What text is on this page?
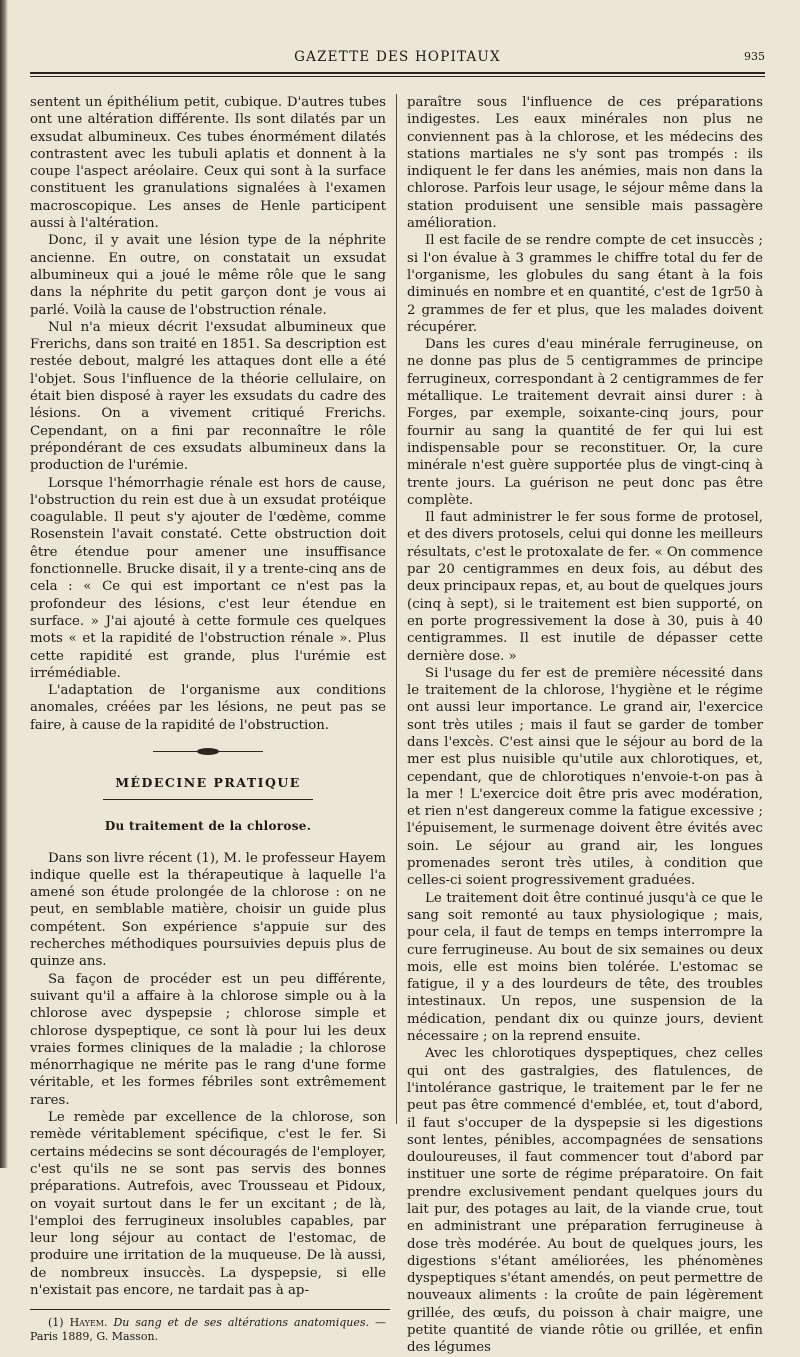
GAZETTE DES HOPITAUX	935

sentent un épithélium petit, cubique. D'autres tubes ont une altération différente. Ils sont dilatés par un exsudat albumineux. Ces tubes énormément dilatés contrastent avec les tubuli aplatis et donnent à la coupe l'aspect aréolaire. Ceux qui sont à la surface constituent les granulations signalées à l'examen macroscopique. Les anses de Henle participent aussi à l'altération.

Donc, il y avait une lésion type de la néphrite ancienne. En outre, on constatait un exsudat albumineux qui a joué le même rôle que le sang dans la néphrite du petit garçon dont je vous ai parlé. Voilà la cause de l'obstruction rénale.

Nul n'a mieux décrit l'exsudat albumineux que Frerichs, dans son traité en 1851. Sa description est restée debout, malgré les attaques dont elle a été l'objet. Sous l'influence de la théorie cellulaire, on était bien disposé à rayer les exsudats du cadre des lésions. On a vivement critiqué Frerichs. Cependant, on a fini par reconnaître le rôle prépondérant de ces exsudats albumineux dans la production de l'urémie.

Lorsque l'hémorrhagie rénale est hors de cause, l'obstruction du rein est due à un exsudat protéique coagulable. Il peut s'y ajouter de l'œdème, comme Rosenstein l'avait constaté. Cette obstruction doit être étendue pour amener une insuffisance fonctionnelle. Brucke disait, il y a trente-cinq ans de cela : « Ce qui est important ce n'est pas la profondeur des lésions, c'est leur étendue en surface. » J'ai ajouté à cette formule ces quelques mots « et la rapidité de l'obstruction rénale ». Plus cette rapidité est grande, plus l'urémie est irrémédiable.

L'adaptation de l'organisme aux conditions anomales, créées par les lésions, ne peut pas se faire, à cause de la rapidité de l'obstruction.

MÉDECINE PRATIQUE
Du traitement de la chlorose.

Dans son livre récent (1), M. le professeur Hayem indique quelle est la thérapeutique à laquelle l'a amené son étude prolongée de la chlorose : on ne peut, en semblable matière, choisir un guide plus compétent. Son expérience s'appuie sur des recherches méthodiques poursuivies depuis plus de quinze ans.

Sa façon de procéder est un peu différente, suivant qu'il a affaire à la chlorose simple ou à la chlorose avec dyspepsie ; chlorose simple et chlorose dyspeptique, ce sont là pour lui les deux vraies formes cliniques de la maladie ; la chlorose ménorrhagique ne mérite pas le rang d'une forme véritable, et les formes fébriles sont extrêmement rares.

Le remède par excellence de la chlorose, son remède véritablement spécifique, c'est le fer. Si certains médecins se sont découragés de l'employer, c'est qu'ils ne se sont pas servis des bonnes préparations. Autrefois, avec Trousseau et Pidoux, on voyait surtout dans le fer un excitant ; de là, l'emploi des ferrugineux insolubles capables, par leur long séjour au contact de l'estomac, de produire une irritation de la muqueuse. De là aussi, de nombreux insuccès. La dyspepsie, si elle n'existait pas encore, ne tardait pas à ap-

(1) Hayem. Du sang et de ses altérations anatomiques. — Paris 1889, G. Masson.

paraître sous l'influence de ces préparations indigestes. Les eaux minérales non plus ne conviennent pas à la chlorose, et les médecins des stations martiales ne s'y sont pas trompés : ils indiquent le fer dans les anémies, mais non dans la chlorose. Parfois leur usage, le séjour même dans la station produisent une sensible mais passagère amélioration.

Il est facile de se rendre compte de cet insuccès ; si l'on évalue à 3 grammes le chiffre total du fer de l'organisme, les globules du sang étant à la fois diminués en nombre et en quantité, c'est de 1gr50 à 2 grammes de fer et plus, que les malades doivent récupérer.

Dans les cures d'eau minérale ferrugineuse, on ne donne pas plus de 5 centigrammes de principe ferrugineux, correspondant à 2 centigrammes de fer métallique. Le traitement devrait ainsi durer : à Forges, par exemple, soixante-cinq jours, pour fournir au sang la quantité de fer qui lui est indispensable pour se reconstituer. Or, la cure minérale n'est guère supportée plus de vingt-cinq à trente jours. La guérison ne peut donc pas être complète.

Il faut administrer le fer sous forme de protosel, et des divers protosels, celui qui donne les meilleurs résultats, c'est le protoxalate de fer. « On commence par 20 centigrammes en deux fois, au début des deux principaux repas, et, au bout de quelques jours (cinq à sept), si le traitement est bien supporté, on en porte progressivement la dose à 30, puis à 40 centigrammes. Il est inutile de dépasser cette dernière dose. »

Si l'usage du fer est de première nécessité dans le traitement de la chlorose, l'hygiène et le régime ont aussi leur importance. Le grand air, l'exercice sont très utiles ; mais il faut se garder de tomber dans l'excès. C'est ainsi que le séjour au bord de la mer est plus nuisible qu'utile aux chlorotiques, et, cependant, que de chlorotiques n'envoie-t-on pas à la mer ! L'exercice doit être pris avec modération, et rien n'est dangereux comme la fatigue excessive ; l'épuisement, le surmenage doivent être évités avec soin. Le séjour au grand air, les longues promenades seront très utiles, à condition que celles-ci soient progressivement graduées.

Le traitement doit être continué jusqu'à ce que le sang soit remonté au taux physiologique ; mais, pour cela, il faut de temps en temps interrompre la cure ferrugineuse. Au bout de six semaines ou deux mois, elle est moins bien tolérée. L'estomac se fatigue, il y a des lourdeurs de tête, des troubles intestinaux. Un repos, une suspension de la médication, pendant dix ou quinze jours, devient nécessaire ; on la reprend ensuite.

Avec les chlorotiques dyspeptiques, chez celles qui ont des gastralgies, des flatulences, de l'intolérance gastrique, le traitement par le fer ne peut pas être commencé d'emblée, et, tout d'abord, il faut s'occuper de la dyspepsie si les digestions sont lentes, pénibles, accompagnées de sensations douloureuses, il faut commencer tout d'abord par instituer une sorte de régime préparatoire. On fait prendre exclusivement pendant quelques jours du lait pur, des potages au lait, de la viande crue, tout en administrant une préparation ferrugineuse à dose très modérée. Au bout de quelques jours, les digestions s'étant améliorées, les phénomènes dyspeptiques s'étant amendés, on peut permettre de nouveaux aliments : la croûte de pain légèrement grillée, des œufs, du poisson à chair maigre, une petite quantité de viande rôtie ou grillée, et enfin des légumes
